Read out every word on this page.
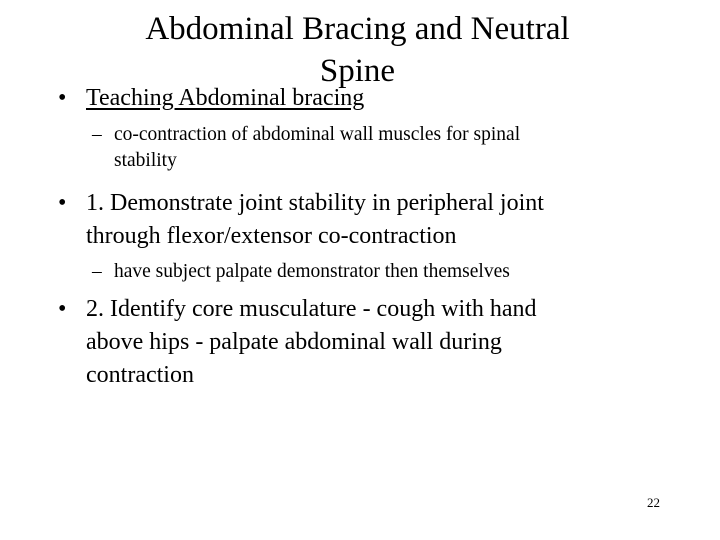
Abdominal Bracing and Neutral
Spine
• Teaching Abdominal bracing
– co-contraction of abdominal wall muscles for spinal
stability
• 1. Demonstrate joint stability in peripheral joint
through flexor/extensor co-contraction
– have subject palpate demonstrator then themselves
• 2. Identify core musculature - cough with hand
above hips - palpate abdominal wall during
contraction
22
